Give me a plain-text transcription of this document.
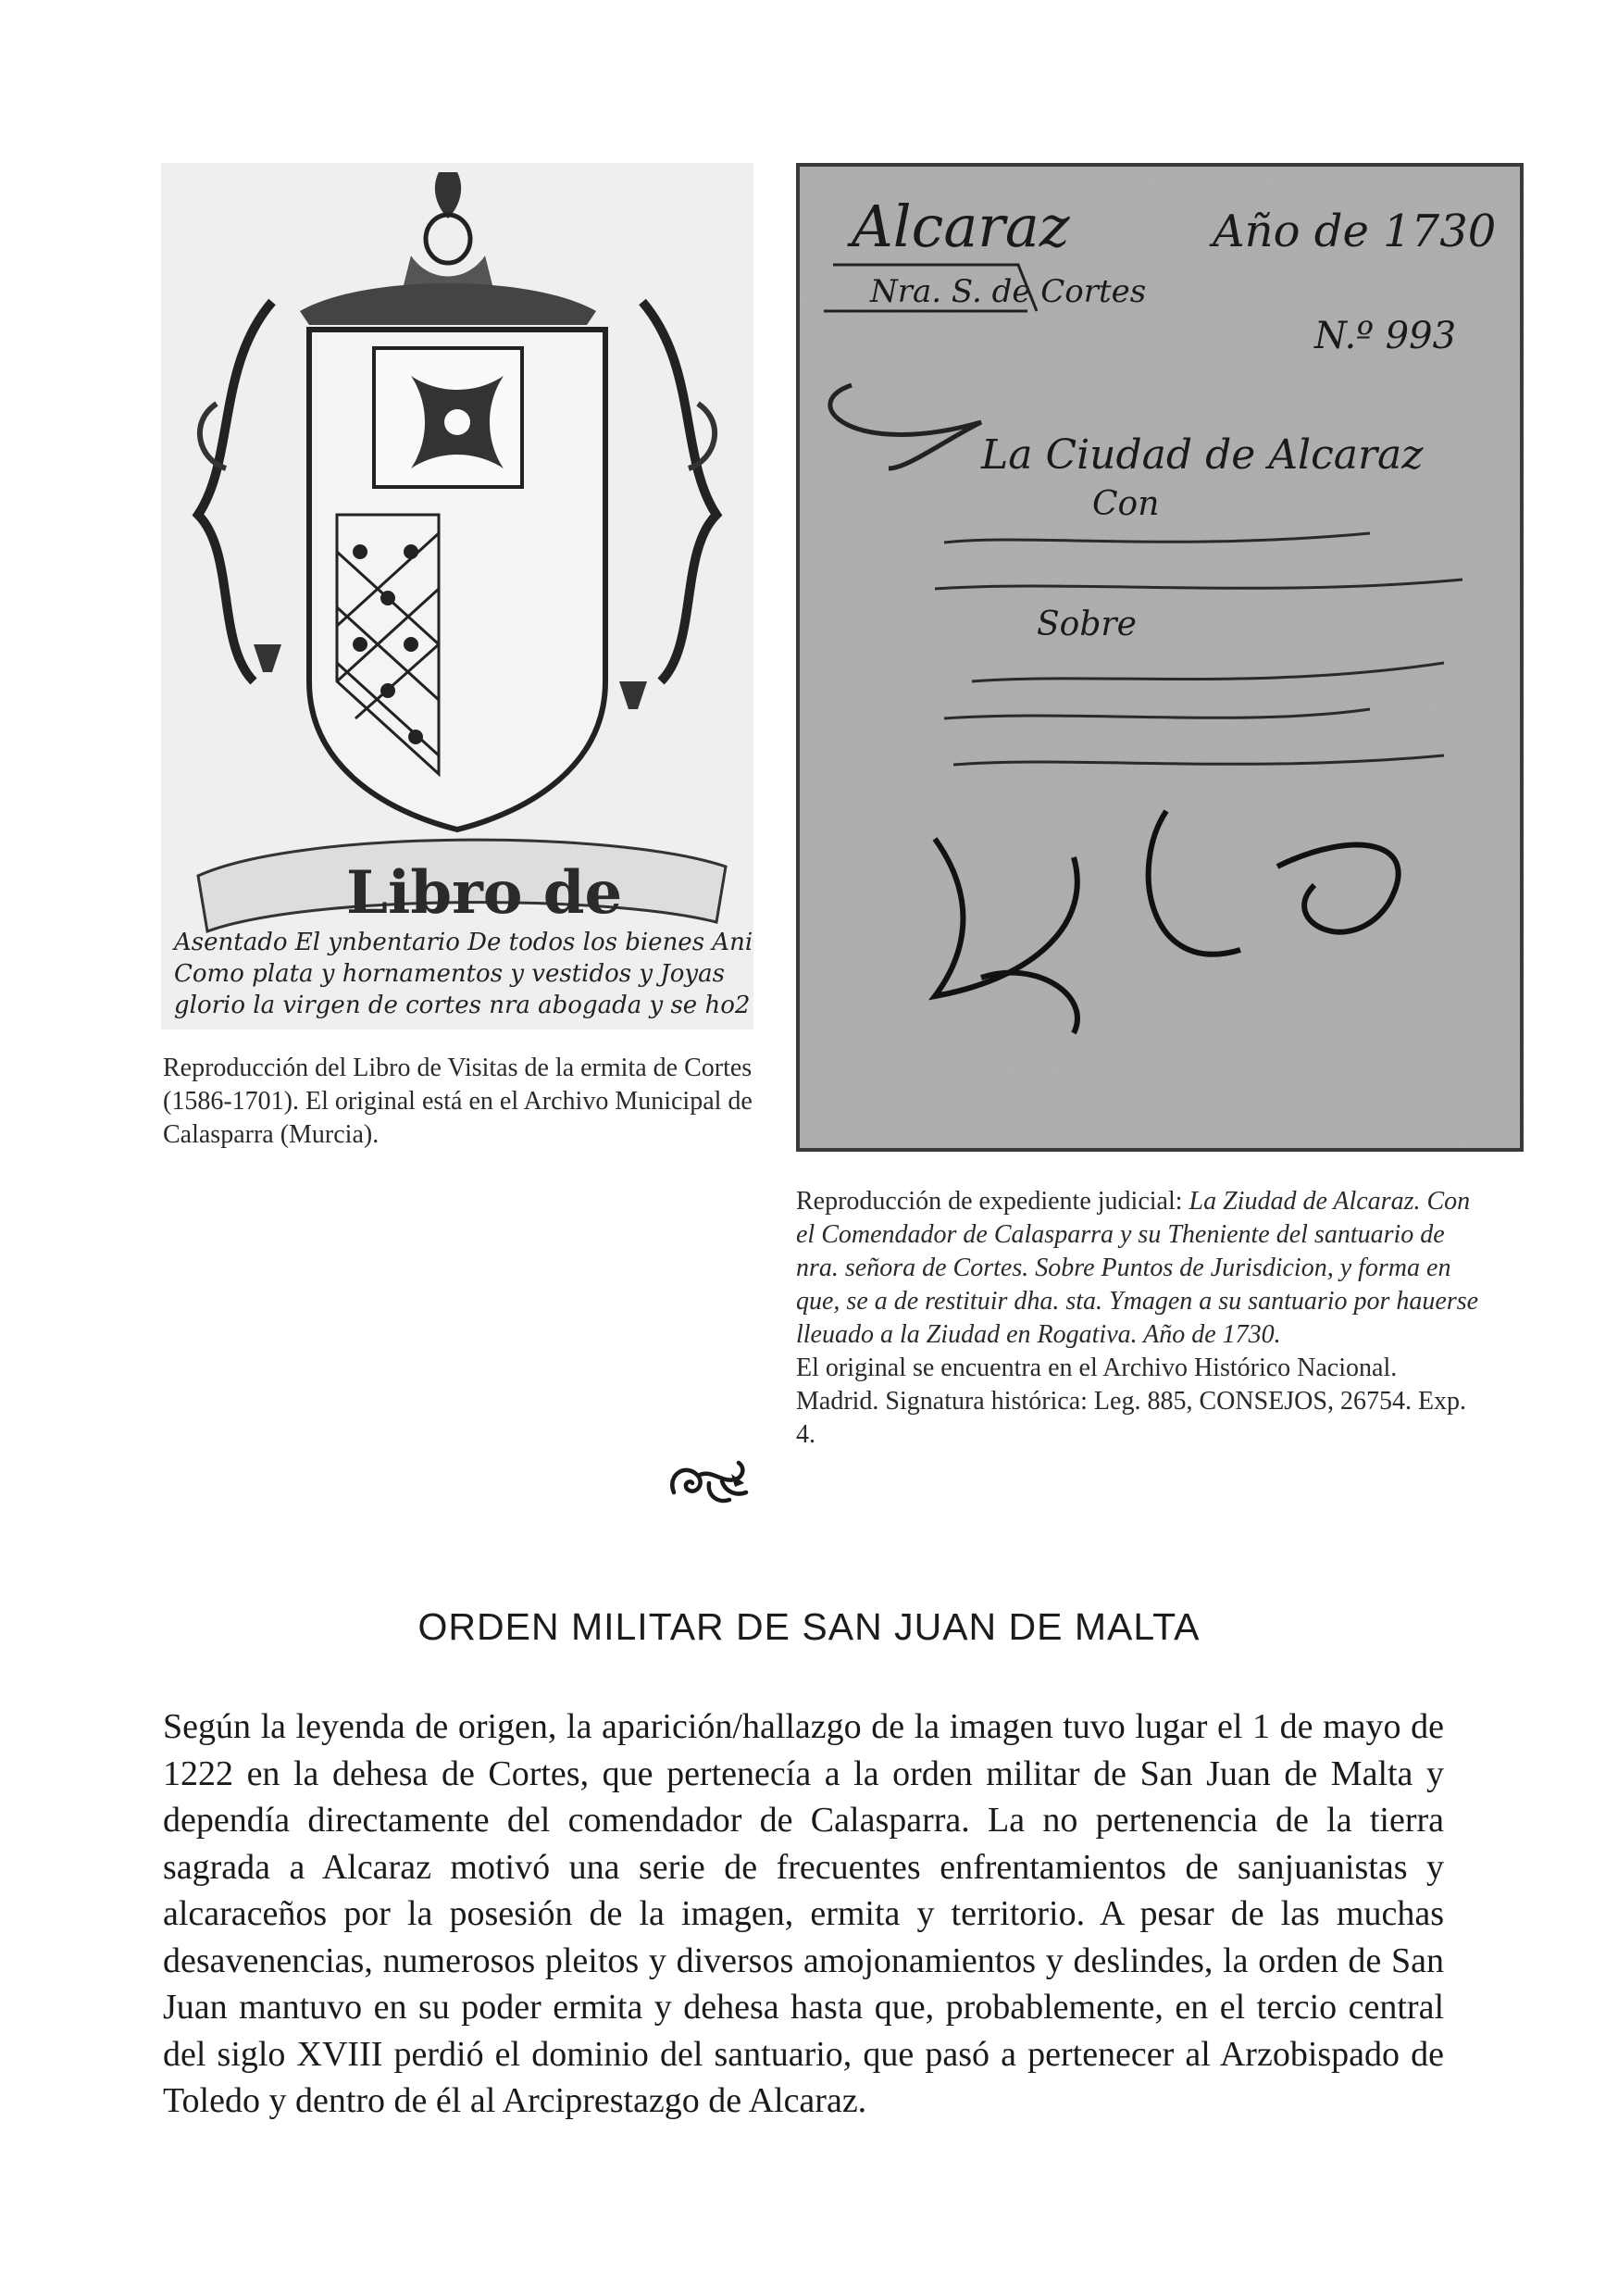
Libro de
Asentado El ynbentario De todos los bienes Ani
Como plata y hornamentos y vestidos y Joyas
glorio la virgen de cortes nra abogada y se ho2
Alcaraz
Nra. S. de Cortes
Año de 1730
N.º 993
La Ciudad de Alcaraz
Con
Sobre
Reproducción del Libro de Visitas de la ermita de Cortes (1586-1701). El original está en el Archivo Municipal de Calasparra (Murcia).
Reproducción de expediente judicial: La Ziudad de Alcaraz. Con el Comendador de Calasparra y su Theniente del santuario de nra. señora de Cortes. Sobre Puntos de Jurisdicion, y forma en que, se a de restituir dha. sta. Ymagen a su santuario por hauerse lleuado a la Ziudad en Rogativa. Año de 1730.
El original se encuentra en el Archivo Histórico Nacional. Madrid. Signatura histórica: Leg. 885, CONSEJOS, 26754. Exp. 4.
ORDEN MILITAR DE SAN JUAN DE MALTA
Según la leyenda de origen, la aparición/hallazgo de la imagen tuvo lugar el 1 de mayo de 1222 en la dehesa de Cortes, que pertenecía a la orden militar de San Juan de Malta y dependía directamente del comendador de Calasparra. La no pertenencia de la tierra sagrada a Alcaraz motivó una serie de frecuentes enfrentamientos de sanjuanistas y alcaraceños por la posesión de la imagen, ermita y territorio. A pesar de las muchas desavenencias, numerosos pleitos y diversos amojonamientos y deslindes, la orden de San Juan mantuvo en su poder ermita y dehesa hasta que, probablemente, en el tercio central del siglo XVIII perdió el dominio del santuario, que pasó a pertenecer al Arzobispado de Toledo y dentro de él al Arciprestazgo de Alcaraz.
